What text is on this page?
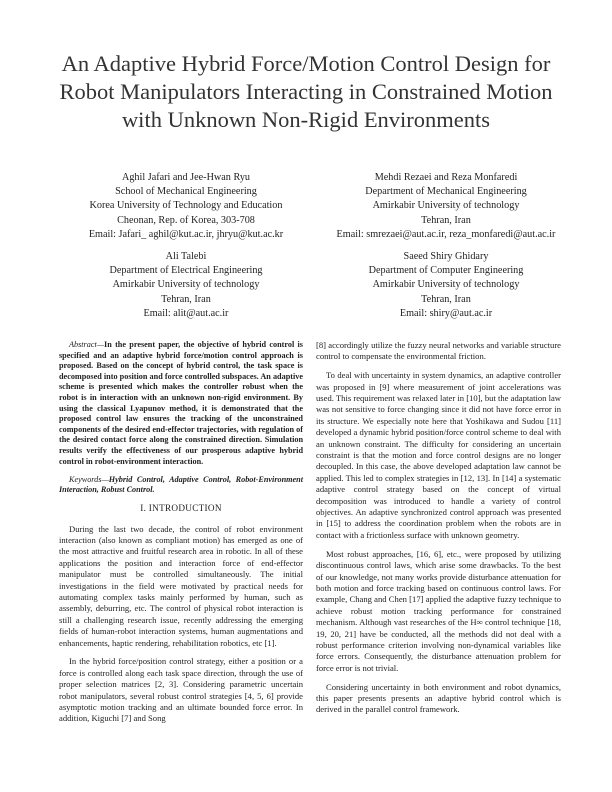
An Adaptive Hybrid Force/Motion Control Design for Robot Manipulators Interacting in Constrained Motion with Unknown Non-Rigid Environments
Aghil Jafari and Jee-Hwan Ryu
School of Mechanical Engineering
Korea University of Technology and Education
Cheonan, Rep. of Korea, 303-708
Email: Jafari_ aghil@kut.ac.ir, jhryu@kut.ac.kr
Mehdi Rezaei and Reza Monfaredi
Department of Mechanical Engineering
Amirkabir University of technology
Tehran, Iran
Email: smrezaei@aut.ac.ir, reza_monfaredi@aut.ac.ir
Ali Talebi
Department of Electrical Engineering
Amirkabir University of technology
Tehran, Iran
Email: alit@aut.ac.ir
Saeed Shiry Ghidary
Department of Computer Engineering
Amirkabir University of technology
Tehran, Iran
Email: shiry@aut.ac.ir

Abstract—In the present paper, the objective of hybrid control is specified and an adaptive hybrid force/motion control approach is proposed. Based on the concept of hybrid control, the task space is decomposed into position and force controlled subspaces. An adaptive scheme is presented which makes the controller robust when the robot is in interaction with an unknown non-rigid environment. By using the classical Lyapunov method, it is demonstrated that the proposed control law ensures the tracking of the unconstrained components of the desired end-effector trajectories, with regulation of the desired contact force along the constrained direction. Simulation results verify the effectiveness of our prosperous adaptive hybrid control in robot-environment interaction.

Keywords—Hybrid Control, Adaptive Control, Robot-Environment Interaction, Robust Control.

I. INTRODUCTION

During the last two decade, the control of robot environment interaction (also known as compliant motion) has emerged as one of the most attractive and fruitful research area in robotic. In all of these applications the position and interaction force of end-effector manipulator must be controlled simultaneously. The initial investigations in the field were motivated by practical needs for automating complex tasks mainly performed by human, such as assembly, deburring, etc. The control of physical robot interaction is still a challenging research issue, recently addressing the emerging fields of human-robot interaction systems, human augmentations and enhancements, haptic rendering, rehabilitation robotics, etc [1].

In the hybrid force/position control strategy, either a position or a force is controlled along each task space direction, through the use of proper selection matrices [2, 3]. Considering parametric uncertain robot manipulators, several robust control strategies [4, 5, 6] provide asymptotic motion tracking and an ultimate bounded force error. In addition, Kiguchi [7] and Song

[8] accordingly utilize the fuzzy neural networks and variable structure control to compensate the environmental friction.

To deal with uncertainty in system dynamics, an adaptive controller was proposed in [9] where measurement of joint accelerations was used. This requirement was relaxed later in [10], but the adaptation law was not sensitive to force changing since it did not have force error in its structure. We especially note here that Yoshikawa and Sudou [11] developed a dynamic hybrid position/force control scheme to deal with an unknown constraint. The difficulty for considering an uncertain constraint is that the motion and force control designs are no longer decoupled. In this case, the above developed adaptation law cannot be applied. This led to complex strategies in [12, 13]. In [14] a systematic adaptive control strategy based on the concept of virtual decomposition was introduced to handle a variety of control objectives. An adaptive synchronized control approach was presented in [15] to address the coordination problem when the robots are in contact with a frictionless surface with unknown geometry.

Most robust approaches, [16, 6], etc., were proposed by utilizing discontinuous control laws, which arise some drawbacks. To the best of our knowledge, not many works provide disturbance attenuation for both motion and force tracking based on continuous control laws. For example, Chang and Chen [17] applied the adaptive fuzzy technique to achieve robust motion tracking performance for constrained mechanism. Although vast researches of the H∞ control technique [18, 19, 20, 21] have be conducted, all the methods did not deal with a robust performance criterion involving non-dynamical variables like force errors. Consequently, the disturbance attenuation problem for force error is not trivial.

Considering uncertainty in both environment and robot dynamics, this paper presents presents an adaptive hybrid control which is derived in the parallel control framework.
